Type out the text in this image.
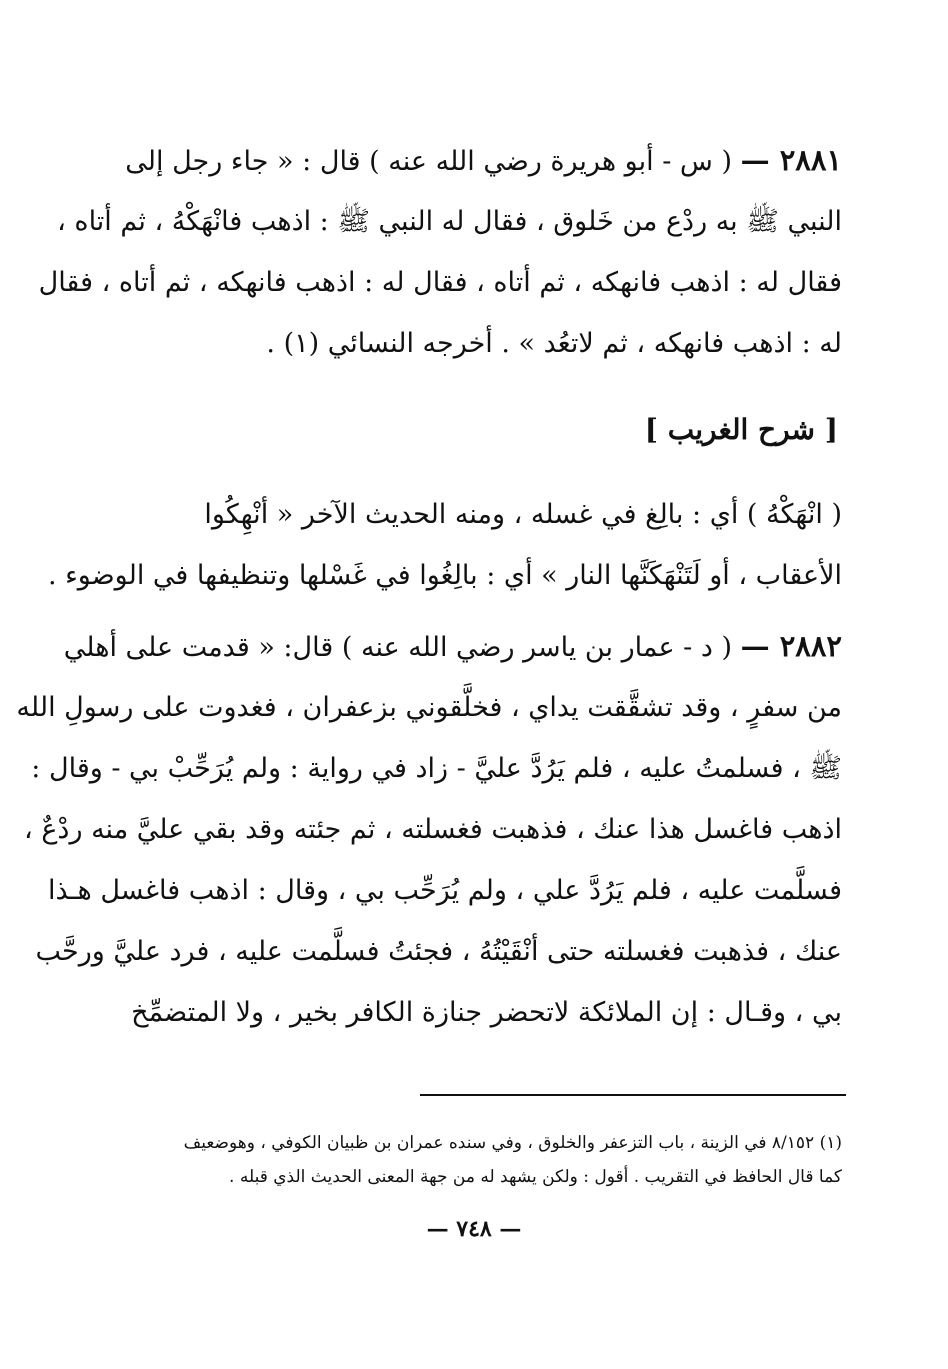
٢٨٨١ — ( س - أبو هريرة رضي الله عنه ) قال : « جاء رجل إلى
النبي ﷺ به ردْع من خَلوق ، فقال له النبي ﷺ : اذهب فانْهَكْهُ ، ثم أتاه ،
فقال له : اذهب فانهكه ، ثم أتاه ، فقال له : اذهب فانهكه ، ثم أتاه ، فقال
له : اذهب فانهكه ، ثم لاتعُد » . أخرجه النسائي (١) .
[ شرح الغريب ]
( انْهَكْهُ ) أي : بالِغ في غسله ، ومنه الحديث الآخر « أنْهِكُوا
الأعقاب ، أو لَتَنْهَكَنَّها النار » أي : بالِغُوا في غَسْلها وتنظيفها في الوضوء .
٢٨٨٢ — ( د - عمار بن ياسر رضي الله عنه ) قال: « قدمت على أهلي
من سفرٍ ، وقد تشقَّقت يداي ، فخلَّقوني بزعفران ، فغدوت على رسولِ الله
ﷺ ، فسلمتُ عليه ، فلم يَرُدَّ عليَّ - زاد في رواية : ولم يُرَحِّبْ بي - وقال :
اذهب فاغسل هذا عنك ، فذهبت فغسلته ، ثم جئته وقد بقي عليَّ منه ردْعٌ ،
فسلَّمت عليه ، فلم يَرُدَّ علي ، ولم يُرَحِّب بي ، وقال : اذهب فاغسل هـذا
عنك ، فذهبت فغسلته حتى أنْقَيْتُهُ ، فجئتُ فسلَّمت عليه ، فرد عليَّ ورحَّب
بي ، وقـال : إن الملائكة لاتحضر جنازة الكافر بخير ، ولا المتضمِّخ
(١) ٨/١٥٢ في الزينة ، باب التزعفر والخلوق ، وفي سنده عمران بن ظبيان الكوفي ، وهوضعيف
كما قال الحافظ في التقريب . أقول : ولكن يشهد له من جهة المعنى الحديث الذي قبله .
— ٧٤٨ —
